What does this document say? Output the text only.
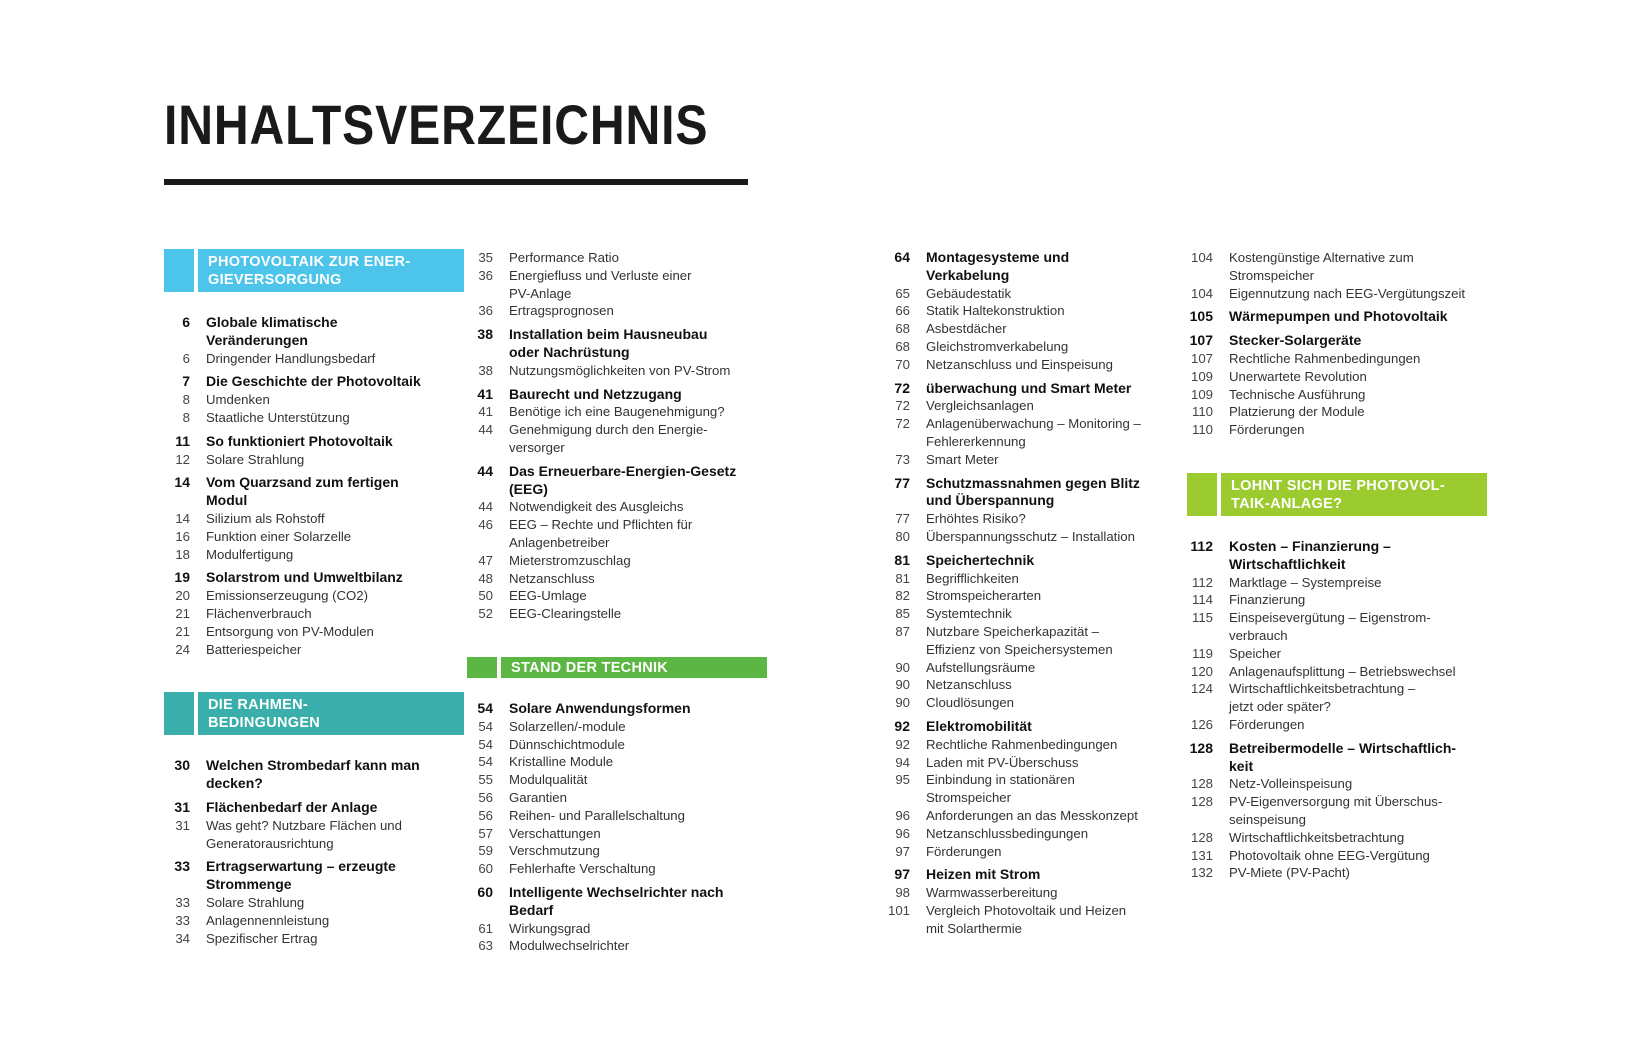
INHALTSVERZEICHNIS
PHOTOVOLTAIK ZUR ENER-
GIEVERSORGUNG
6 Globale klimatische
Veränderungen
6 Dringender Handlungsbedarf
7 Die Geschichte der Photovoltaik
8 Umdenken
8 Staatliche Unterstützung
11 So funktioniert Photovoltaik
12 Solare Strahlung
14 Vom Quarzsand zum fertigen
Modul
14 Silizium als Rohstoff
16 Funktion einer Solarzelle
18 Modulfertigung
19 Solarstrom und Umweltbilanz
20 Emissionserzeugung (CO2)
21 Flächenverbrauch
21 Entsorgung von PV-Modulen
24 Batteriespeicher
DIE RAHMEN-
BEDINGUNGEN
30 Welchen Strombedarf kann man
decken?
31 Flächenbedarf der Anlage
31 Was geht? Nutzbare Flächen und
Generatorausrichtung
33 Ertragserwartung – erzeugte
Strommenge
33 Solare Strahlung
33 Anlagennennleistung
34 Spezifischer Ertrag
35 Performance Ratio
36 Energiefluss und Verluste einer
PV-Anlage
36 Ertragsprognosen
38 Installation beim Hausneubau
oder Nachrüstung
38 Nutzungsmöglichkeiten von PV-Strom
41 Baurecht und Netzzugang
41 Benötige ich eine Baugenehmigung?
44 Genehmigung durch den Energie-
versorger
44 Das Erneuerbare-Energien-Gesetz
(EEG)
44 Notwendigkeit des Ausgleichs
46 EEG – Rechte und Pflichten für
Anlagenbetreiber
47 Mieterstromzuschlag
48 Netzanschluss
50 EEG-Umlage
52 EEG-Clearingstelle
STAND DER TECHNIK
54 Solare Anwendungsformen
54 Solarzellen/-module
54 Dünnschichtmodule
54 Kristalline Module
55 Modulqualität
56 Garantien
56 Reihen- und Parallelschaltung
57 Verschattungen
59 Verschmutzung
60 Fehlerhafte Verschaltung
60 Intelligente Wechselrichter nach
Bedarf
61 Wirkungsgrad
63 Modulwechselrichter
64 Montagesysteme und
Verkabelung
65 Gebäudestatik
66 Statik Haltekonstruktion
68 Asbestdächer
68 Gleichstromverkabelung
70 Netzanschluss und Einspeisung
72 überwachung und Smart Meter
72 Vergleichsanlagen
72 Anlagenüberwachung – Monitoring –
Fehlererkennung
73 Smart Meter
77 Schutzmassnahmen gegen Blitz
und Überspannung
77 Erhöhtes Risiko?
80 Überspannungsschutz – Installation
81 Speichertechnik
81 Begrifflichkeiten
82 Stromspeicherarten
85 Systemtechnik
87 Nutzbare Speicherkapazität –
Effizienz von Speichersystemen
90 Aufstellungsräume
90 Netzanschluss
90 Cloudlösungen
92 Elektromobilität
92 Rechtliche Rahmenbedingungen
94 Laden mit PV-Überschuss
95 Einbindung in stationären
Stromspeicher
96 Anforderungen an das Messkonzept
96 Netzanschlussbedingungen
97 Förderungen
97 Heizen mit Strom
98 Warmwasserbereitung
101 Vergleich Photovoltaik und Heizen
mit Solarthermie
104 Kostengünstige Alternative zum
Stromspeicher
104 Eigennutzung nach EEG-Vergütungszeit
105 Wärmepumpen und Photovoltaik
107 Stecker-Solargeräte
107 Rechtliche Rahmenbedingungen
109 Unerwartete Revolution
109 Technische Ausführung
110 Platzierung der Module
110 Förderungen
LOHNT SICH DIE PHOTOVOL-
TAIK-ANLAGE?
112 Kosten – Finanzierung –
Wirtschaftlichkeit
112 Marktlage – Systempreise
114 Finanzierung
115 Einspeisevergütung – Eigenstrom-
verbrauch
119 Speicher
120 Anlagenaufsplittung – Betriebswechsel
124 Wirtschaftlichkeitsbetrachtung –
jetzt oder später?
126 Förderungen
128 Betreibermodelle – Wirtschaftlich-
keit
128 Netz-Volleinspeisung
128 PV-Eigenversorgung mit Überschus-
seinspeisung
128 Wirtschaftlichkeitsbetrachtung
131 Photovoltaik ohne EEG-Vergütung
132 PV-Miete (PV-Pacht)
